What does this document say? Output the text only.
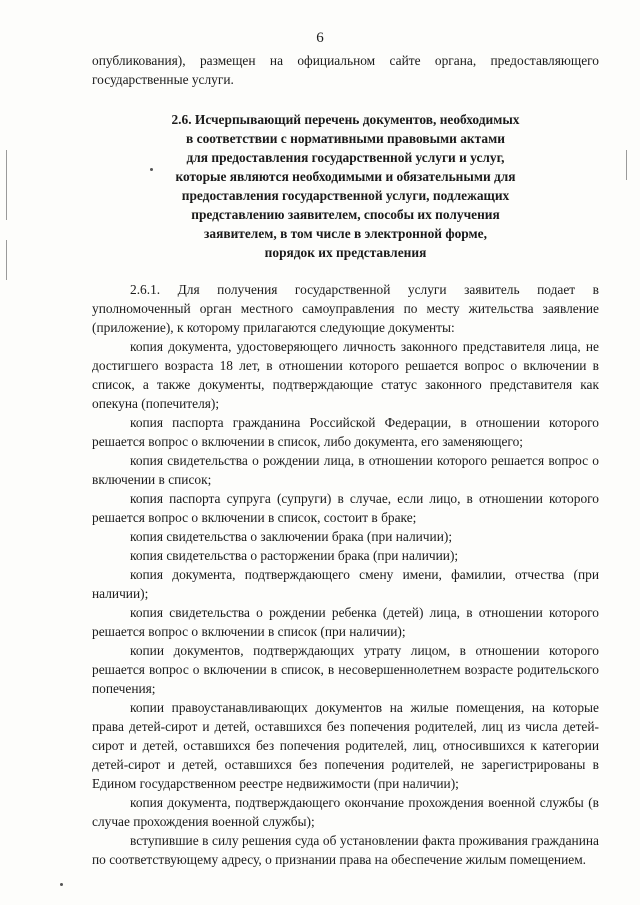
6

опубликования), размещен на официальном сайте органа, предоставляющего государственные услуги.

2.6. Исчерпывающий перечень документов, необходимых
в соответствии с нормативными правовыми актами
для предоставления государственной услуги и услуг,
которые являются необходимыми и обязательными для
предоставления государственной услуги, подлежащих
представлению заявителем, способы их получения
заявителем, в том числе в электронной форме,
порядок их представления

2.6.1. Для получения государственной услуги заявитель подает в уполномоченный орган местного самоуправления по месту жительства заявление (приложение), к которому прилагаются следующие документы:

копия документа, удостоверяющего личность законного представителя лица, не достигшего возраста 18 лет, в отношении которого решается вопрос о включении в список, а также документы, подтверждающие статус законного представителя как опекуна (попечителя);

копия паспорта гражданина Российской Федерации, в отношении которого решается вопрос о включении в список, либо документа, его заменяющего;

копия свидетельства о рождении лица, в отношении которого решается вопрос о включении в список;

копия паспорта супруга (супруги) в случае, если лицо, в отношении которого решается вопрос о включении в список, состоит в браке;

копия свидетельства о заключении брака (при наличии);

копия свидетельства о расторжении брака (при наличии);

копия документа, подтверждающего смену имени, фамилии, отчества (при наличии);

копия свидетельства о рождении ребенка (детей) лица, в отношении которого решается вопрос о включении в список (при наличии);

копии документов, подтверждающих утрату лицом, в отношении которого решается вопрос о включении в список, в несовершеннолетнем возрасте родительского попечения;

копии правоустанавливающих документов на жилые помещения, на которые права детей-сирот и детей, оставшихся без попечения родителей, лиц из числа детей-сирот и детей, оставшихся без попечения родителей, лиц, относившихся к категории детей-сирот и детей, оставшихся без попечения родителей, не зарегистрированы в Едином государственном реестре недвижимости (при наличии);

копия документа, подтверждающего окончание прохождения военной службы (в случае прохождения военной службы);

вступившие в силу решения суда об установлении факта проживания гражданина по соответствующему адресу, о признании права на обеспечение жилым помещением.
